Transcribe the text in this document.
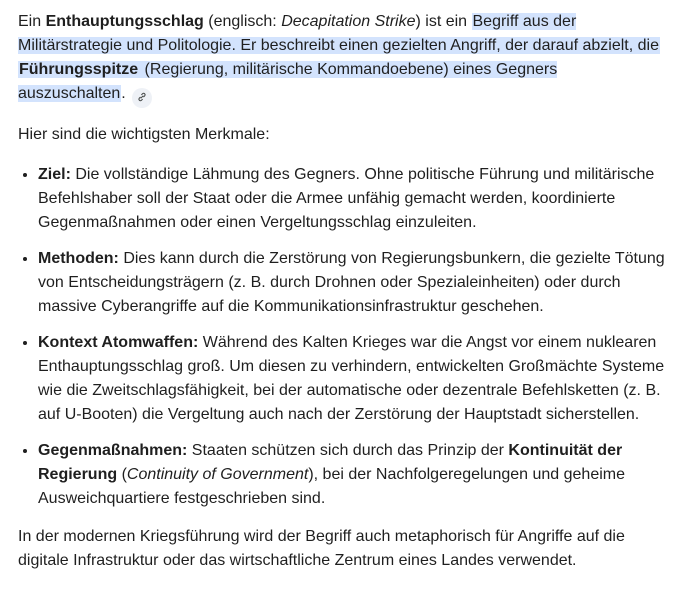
Ein Enthauptungsschlag (englisch: Decapitation Strike) ist ein Begriff aus der Militärstrategie und Politologie. Er beschreibt einen gezielten Angriff, der darauf abzielt, die Führungsspitze (Regierung, militärische Kommandoebene) eines Gegners auszuschalten.

Hier sind die wichtigsten Merkmale:

• Ziel: Die vollständige Lähmung des Gegners. Ohne politische Führung und militärische Befehlshaber soll der Staat oder die Armee unfähig gemacht werden, koordinierte Gegenmaßnahmen oder einen Vergeltungsschlag einzuleiten.
• Methoden: Dies kann durch die Zerstörung von Regierungsbunkern, die gezielte Tötung von Entscheidungsträgern (z. B. durch Drohnen oder Spezialeinheiten) oder durch massive Cyberangriffe auf die Kommunikationsinfrastruktur geschehen.
• Kontext Atomwaffen: Während des Kalten Krieges war die Angst vor einem nuklearen Enthauptungsschlag groß. Um diesen zu verhindern, entwickelten Großmächte Systeme wie die Zweitschlagsfähigkeit, bei der automatische oder dezentrale Befehlsketten (z. B. auf U-Booten) die Vergeltung auch nach der Zerstörung der Hauptstadt sicherstellen.
• Gegenmaßnahmen: Staaten schützen sich durch das Prinzip der Kontinuität der Regierung (Continuity of Government), bei der Nachfolgeregelungen und geheime Ausweichquartiere festgeschrieben sind.

In der modernen Kriegsführung wird der Begriff auch metaphorisch für Angriffe auf die digitale Infrastruktur oder das wirtschaftliche Zentrum eines Landes verwendet.
